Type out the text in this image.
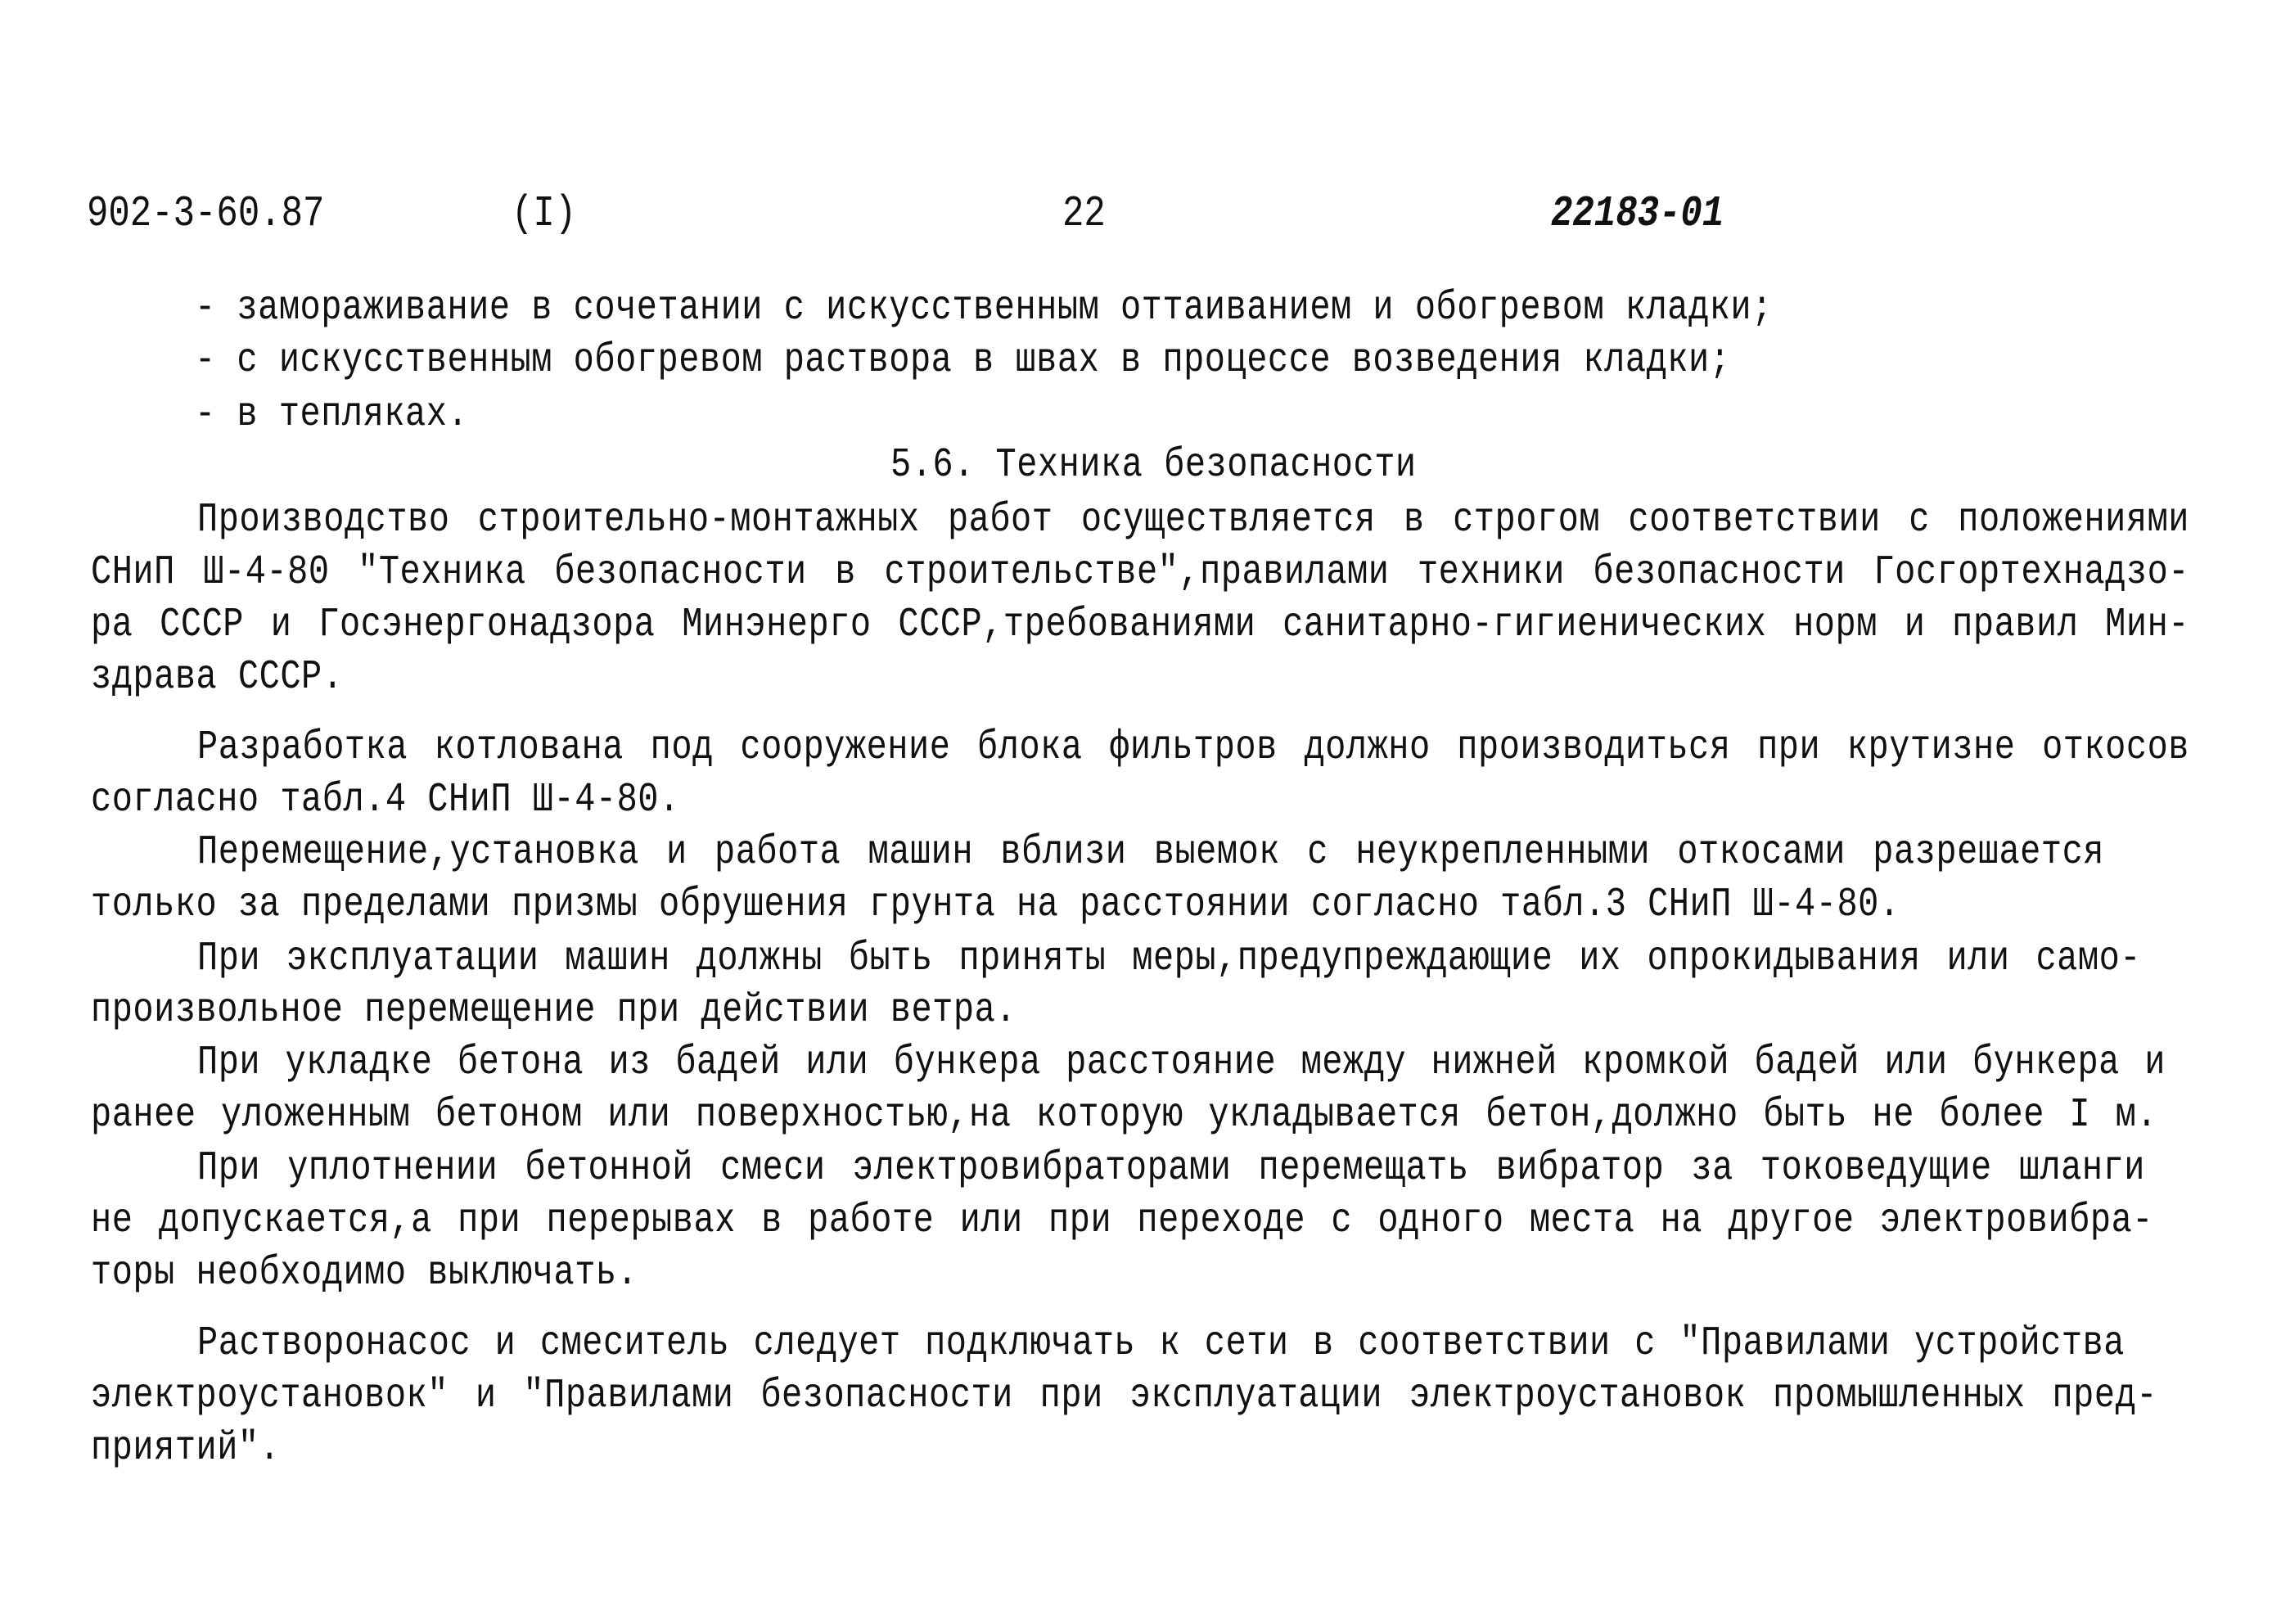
902-3-60.87	(I)	22	22183-01
- замораживание в сочетании с искусственным оттаиванием и обогревом кладки;
- с искусственным обогревом раствора в швах в процессе возведения кладки;
- в тепляках.
5.6. Техника безопасности
Производство строительно-монтажных работ осуществляется в строгом соответствии с положениями
СНиП Ш-4-80 "Техника безопасности в строительстве",правилами техники безопасности Госгортехнадзо-
ра СССР и Госэнергонадзора Минэнерго СССР,требованиями санитарно-гигиенических норм и правил Мин-
здрава СССР.
Разработка котлована под сооружение блока фильтров должно производиться при крутизне откосов
согласно табл.4 СНиП Ш-4-80.
Перемещение,установка и работа машин вблизи выемок с неукрепленными откосами разрешается
только за пределами призмы обрушения грунта на расстоянии согласно табл.3 СНиП Ш-4-80.
При эксплуатации машин должны быть приняты меры,предупреждающие их опрокидывания или само-
произвольное перемещение при действии ветра.
При укладке бетона из бадей или бункера расстояние между нижней кромкой бадей или бункера и
ранее уложенным бетоном или поверхностью,на которую укладывается бетон,должно быть не более I м.
При уплотнении бетонной смеси электровибраторами перемещать вибратор за токоведущие шланги
не допускается,а при перерывах в работе или при переходе с одного места на другое электровибра-
торы необходимо выключать.
Растворонасос и смеситель следует подключать к сети в соответствии с "Правилами устройства
электроустановок" и "Правилами безопасности при эксплуатации электроустановок промышленных пред-
приятий".
